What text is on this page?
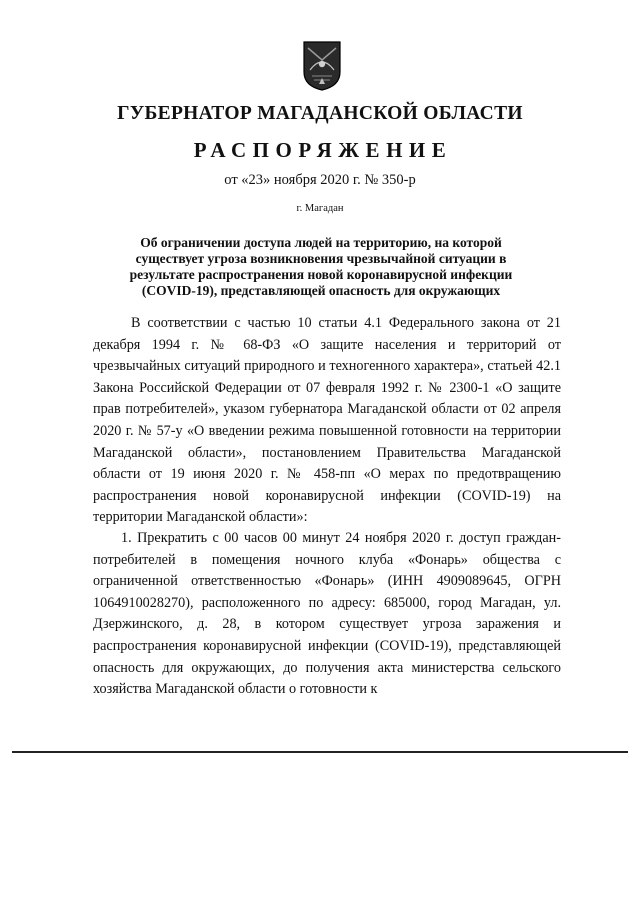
ГУБЕРНАТОР МАГАДАНСКОЙ ОБЛАСТИ
РАСПОРЯЖЕНИЕ
от «23» ноября 2020 г. № 350-р
г. Магадан
Об ограничении доступа людей на территорию, на которой существует угроза возникновения чрезвычайной ситуации в результате распространения новой коронавирусной инфекции (COVID-19), представляющей опасность для окружающих

В соответствии с частью 10 статьи 4.1 Федерального закона от 21 декабря 1994 г. № 68-ФЗ «О защите населения и территорий от чрезвычайных ситуаций природного и техногенного характера», статьей 42.1 Закона Российской Федерации от 07 февраля 1992 г. № 2300-1 «О защите прав потребителей», указом губернатора Магаданской области от 02 апреля 2020 г. № 57-у «О введении режима повышенной готовности на территории Магаданской области», постановлением Правительства Магаданской области от 19 июня 2020 г. № 458-пп «О мерах по предотвращению распространения новой коронавирусной инфекции (COVID-19) на территории Магаданской области»:

1. Прекратить с 00 часов 00 минут 24 ноября 2020 г. доступ граждан-потребителей в помещения ночного клуба «Фонарь» общества с ограниченной ответственностью «Фонарь» (ИНН 4909089645, ОГРН 1064910028270), расположенного по адресу: 685000, город Магадан, ул. Дзержинского, д. 28, в котором существует угроза заражения и распространения коронавирусной инфекции (COVID-19), представляющей опасность для окружающих, до получения акта министерства сельского хозяйства Магаданской области о готовности к
